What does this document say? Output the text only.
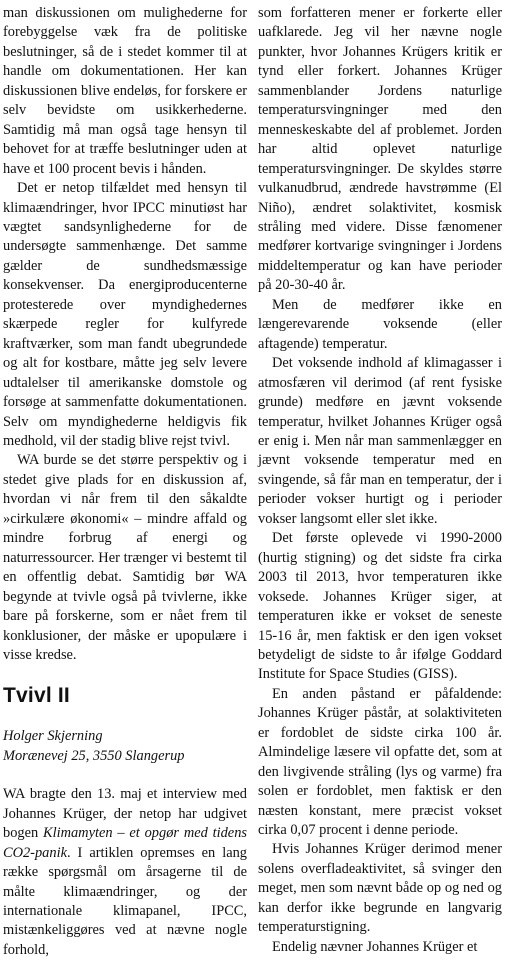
man diskussionen om mulighederne for forebyggelse væk fra de politiske beslutninger, så de i stedet kommer til at handle om dokumentationen. Her kan diskussionen blive endeløs, for forskere er selv bevidste om usikkerhederne. Samtidig må man også tage hensyn til behovet for at træffe beslutninger uden at have et 100 procent bevis i hånden.

Det er netop tilfældet med hensyn til klimaændringer, hvor IPCC minutiøst har vægtet sandsynlighederne for de undersøgte sammenhænge. Det samme gælder de sundhedsmæssige konsekvenser. Da energiproducenterne protesterede over myndighedernes skærpede regler for kulfyrede kraftværker, som man fandt ubegrundede og alt for kostbare, måtte jeg selv levere udtalelser til amerikanske domstole og forsøge at sammenfatte dokumentationen. Selv om myndighederne heldigvis fik medhold, vil der stadig blive rejst tvivl.

WA burde se det større perspektiv og i stedet give plads for en diskussion af, hvordan vi når frem til den såkaldte »cirkulære økonomi« – mindre affald og mindre forbrug af energi og naturressourcer. Her trænger vi bestemt til en offentlig debat. Samtidig bør WA begynde at tvivle også på tvivlerne, ikke bare på forskerne, som er nået frem til konklusioner, der måske er upopulære i visse kredse.

Tvivl II

Holger Skjerning

Morænevej 25, 3550 Slangerup

WA bragte den 13. maj et interview med Johannes Krüger, der netop har udgivet bogen Klimamyten – et opgør med tidens CO2-panik. I artiklen opremses en lang række spørgsmål om årsagerne til de målte klimaændringer, og der internationale klimapanel, IPCC, mistænkeliggøres ved at nævne nogle forhold,

som forfatteren mener er forkerte eller uafklarede. Jeg vil her nævne nogle punkter, hvor Johannes Krügers kritik er tynd eller forkert. Johannes Krüger sammenblander Jordens naturlige temperatursvingninger med den menneskeskabte del af problemet. Jorden har altid oplevet naturlige temperatursvingninger. De skyldes større vulkanudbrud, ændrede havstrømme (El Niño), ændret solaktivitet, kosmisk stråling med videre. Disse fænomener medfører kortvarige svingninger i Jordens middeltemperatur og kan have perioder på 20-30-40 år.

Men de medfører ikke en længerevarende voksende (eller aftagende) temperatur.

Det voksende indhold af klimagasser i atmosfæren vil derimod (af rent fysiske grunde) medføre en jævnt voksende temperatur, hvilket Johannes Krüger også er enig i. Men når man sammenlægger en jævnt voksende temperatur med en svingende, så får man en temperatur, der i perioder vokser hurtigt og i perioder vokser langsomt eller slet ikke.

Det første oplevede vi 1990-2000 (hurtig stigning) og det sidste fra cirka 2003 til 2013, hvor temperaturen ikke voksede. Johannes Krüger siger, at temperaturen ikke er vokset de seneste 15-16 år, men faktisk er den igen vokset betydeligt de sidste to år ifølge Goddard Institute for Space Studies (GISS).

En anden påstand er påfaldende: Johannes Krüger påstår, at solaktiviteten er fordoblet de sidste cirka 100 år. Almindelige læsere vil opfatte det, som at den livgivende stråling (lys og varme) fra solen er fordoblet, men faktisk er den næsten konstant, mere præcist vokset cirka 0,07 procent i denne periode.

Hvis Johannes Krüger derimod mener solens overfladeaktivitet, så svinger den meget, men som nævnt både op og ned og kan derfor ikke begrunde en langvarig temperaturstigning.

Endelig nævner Johannes Krüger et
